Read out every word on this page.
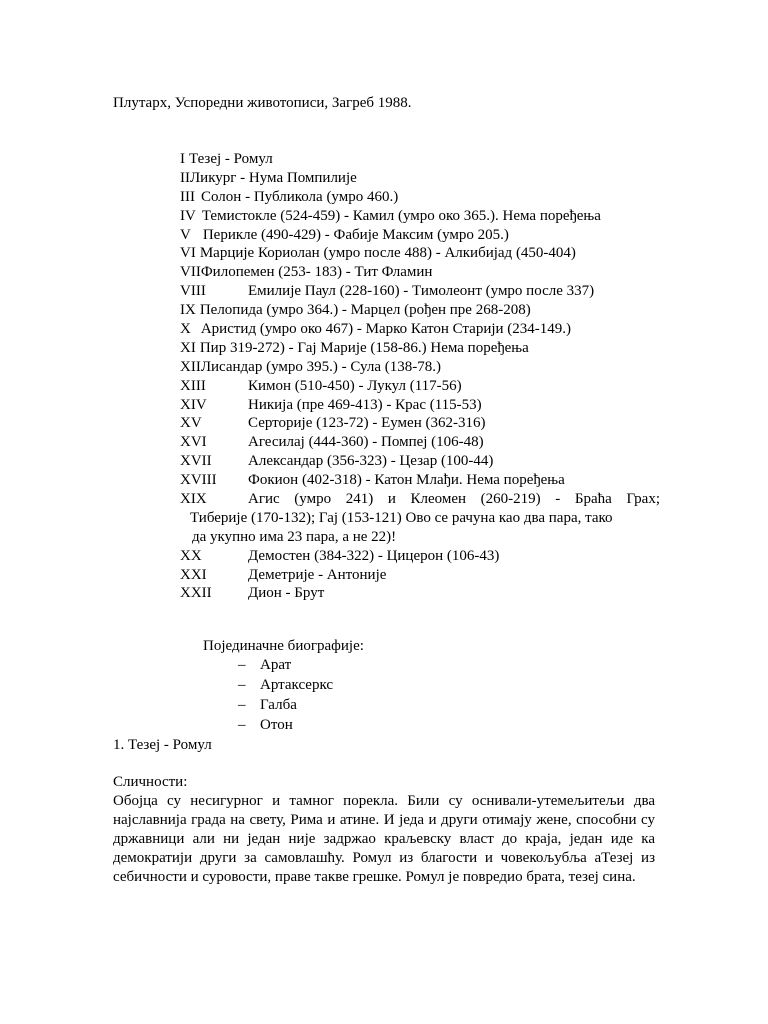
Плутарх, Успоредни животописи, Загреб 1988.
I Тезеј - Ромул
II Ликург - Нума Помпилије
III Солон - Публикола (умро 460.)
IV Темистокле (524-459) - Камил (умро око 365.). Нема поређења
V Перикле (490-429) - Фабије Максим (умро 205.)
VI Марције Кориолан (умро после 488) - Алкибијад (450-404)
VII Филопемен (253- 183) - Тит Фламин
VIII	Емилије Паул (228-160) - Тимолеонт (умро после 337)
IX Пелопида (умро 364.) - Марцел (рођен пре 268-208)
X Аристид (умро око 467) - Марко Катон Старији (234-149.)
XI Пир 319-272) - Гај Марије (158-86.) Нема поређења
XII Лисандар (умро 395.) - Сула (138-78.)
XIII	Кимон (510-450) - Лукул (117-56)
XIV	Никија (пре 469-413) - Крас (115-53)
XV	Серторије (123-72) - Еумен (362-316)
XVI	Агесилај (444-360) - Помпеј (106-48)
XVII	Александар (356-323) - Цезар (100-44)
XVIII	Фокион (402-318) - Катон Млађи. Нема поређења
XIX	Агис (умро 241) и Клеомен (260-219) - Браћа Грах;
Тиберије (170-132); Гај (153-121) Ово се рачуна као два пара, тако
да укупно има 23 пара, а не 22)!
XX	Демостен (384-322) - Цицерон (106-43)
XXI	Деметрије - Антоније
XXII	Дион - Брут
Појединачне биографије:
– Арат
– Артаксеркс
– Галба
– Отон
1. Тезеј - Ромул
Сличности:
Обојца су несигурног и тамног порекла. Били су оснивали-утемељитељи два најславнија града на свету, Рима и атине. И једа и други отимају жене, способни су државници али ни један није задржао краљевску власт до краја, један иде ка демократији други за самовлашћу. Ромул из благости и човекољубља аТезеј из себичности и суровости, праве такве грешке. Ромул је повредио брата, тезеј сина.
